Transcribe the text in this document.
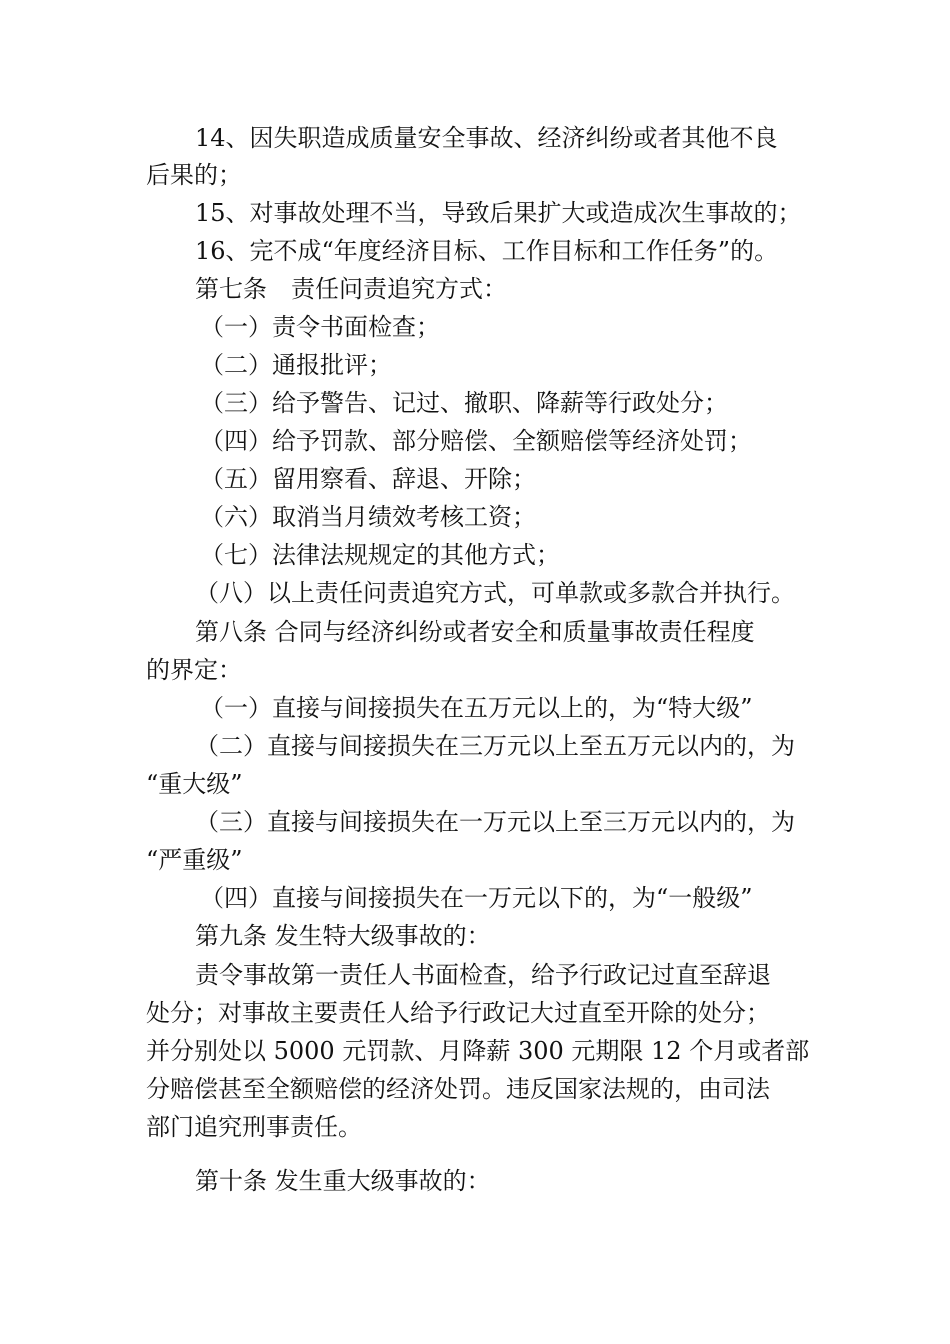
14、因失职造成质量安全事故、经济纠纷或者其他不良
后果的；
15、对事故处理不当，导致后果扩大或造成次生事故的；
16、完不成“年度经济目标、工作目标和工作任务”的。
第七条　责任问责追究方式：
（一）责令书面检查；
（二）通报批评；
（三）给予警告、记过、撤职、降薪等行政处分；
（四）给予罚款、部分赔偿、全额赔偿等经济处罚；
（五）留用察看、辞退、开除；
（六）取消当月绩效考核工资；
（七）法律法规规定的其他方式；
（八）以上责任问责追究方式，可单款或多款合并执行。
第八条 合同与经济纠纷或者安全和质量事故责任程度
的界定：
（一）直接与间接损失在五万元以上的，为“特大级”
（二）直接与间接损失在三万元以上至五万元以内的，为
“重大级”
（三）直接与间接损失在一万元以上至三万元以内的，为
“严重级”
（四）直接与间接损失在一万元以下的，为“一般级”
第九条 发生特大级事故的：
责令事故第一责任人书面检查，给予行政记过直至辞退
处分；对事故主要责任人给予行政记大过直至开除的处分；
并分别处以 5000 元罚款、月降薪 300 元期限 12 个月或者部
分赔偿甚至全额赔偿的经济处罚。违反国家法规的，由司法
部门追究刑事责任。
第十条 发生重大级事故的：
